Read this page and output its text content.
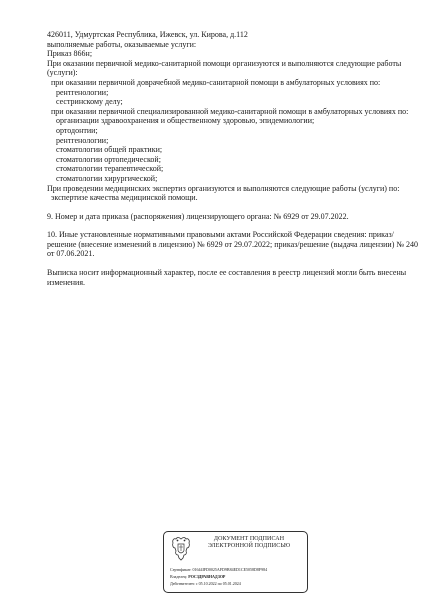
426011, Удмуртская Республика, Ижевск, ул. Кирова, д.112

выполняемые работы, оказываемые услуги:

Приказ 866н;

При оказании первичной медико-санитарной помощи организуются и выполняются следующие работы (услуги):

при оказании первичной доврачебной медико-санитарной помощи в амбулаторных условиях по:

рентгенологии;

сестринскому делу;

при оказании первичной специализированной медико-санитарной помощи в амбулаторных условиях по:

организации здравоохранения и общественному здоровью, эпидемиологии;

ортодонтии;

рентгенологии;

стоматологии общей практики;

стоматологии ортопедической;

стоматологии терапевтической;

стоматологии хирургической;

При проведении медицинских экспертиз организуются и выполняются следующие работы (услуги) по:

экспертизе качества медицинской помощи.

9. Номер и дата приказа (распоряжения) лицензирующего органа: № 6929 от 29.07.2022.

10. Иные установленные нормативными правовыми актами Российской Федерации сведения: приказ/решение (внесение изменений в лицензию) № 6929 от 29.07.2022; приказ/решение (выдача лицензии) № 240 от 07.06.2021.

Выписка носит информационный характер, после ее составления в реестр лицензий могли быть внесены изменения.

ДОКУМЕНТ ПОДПИСАН
ЭЛЕКТРОННОЙ ПОДПИСЬЮ
Сертификат: 01644IFD0025AFD9B84ED1CE5058D8F984
Владелец: РОСЗДРАВНАДЗОР
Действителен: с 05.10.2022 по 05.01.2024
